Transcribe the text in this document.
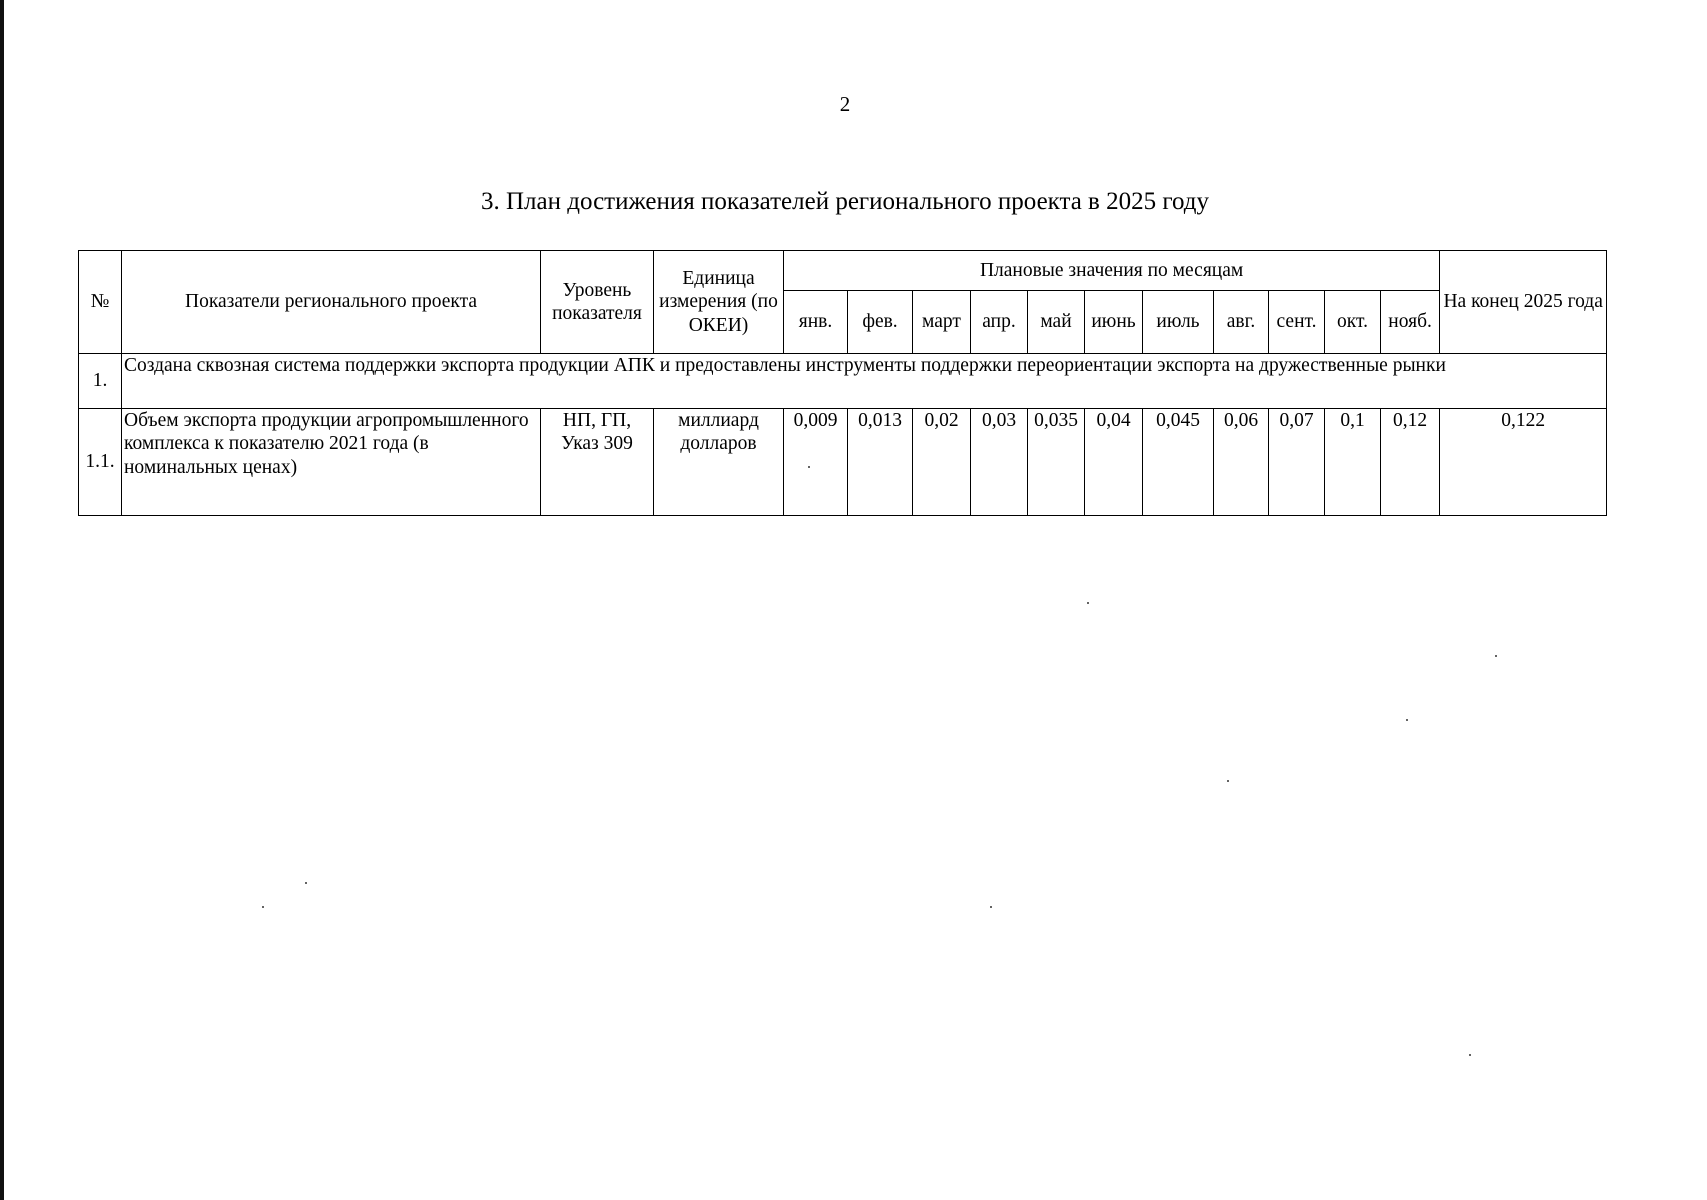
2
3. План достижения показателей регионального проекта в 2025 году
№	Показатели регионального проекта	Уровень показателя	Единица измерения (по ОКЕИ)	Плановые значения по месяцам											На конец 2025 года
				янв.	фев.	март	апр.	май	июнь	июль	авг.	сент.	окт.	нояб.	
1.	Создана сквозная система поддержки экспорта продукции АПК и предоставлены инструменты поддержки переориентации экспорта на дружественные рынки														
1.1.	Объем экспорта продукции агропромышленного комплекса к показателю 2021 года (в номинальных ценах)	НП, ГП, Указ 309	миллиард долларов	0,009	0,013	0,02	0,03	0,035	0,04	0,045	0,06	0,07	0,1	0,12	0,122
